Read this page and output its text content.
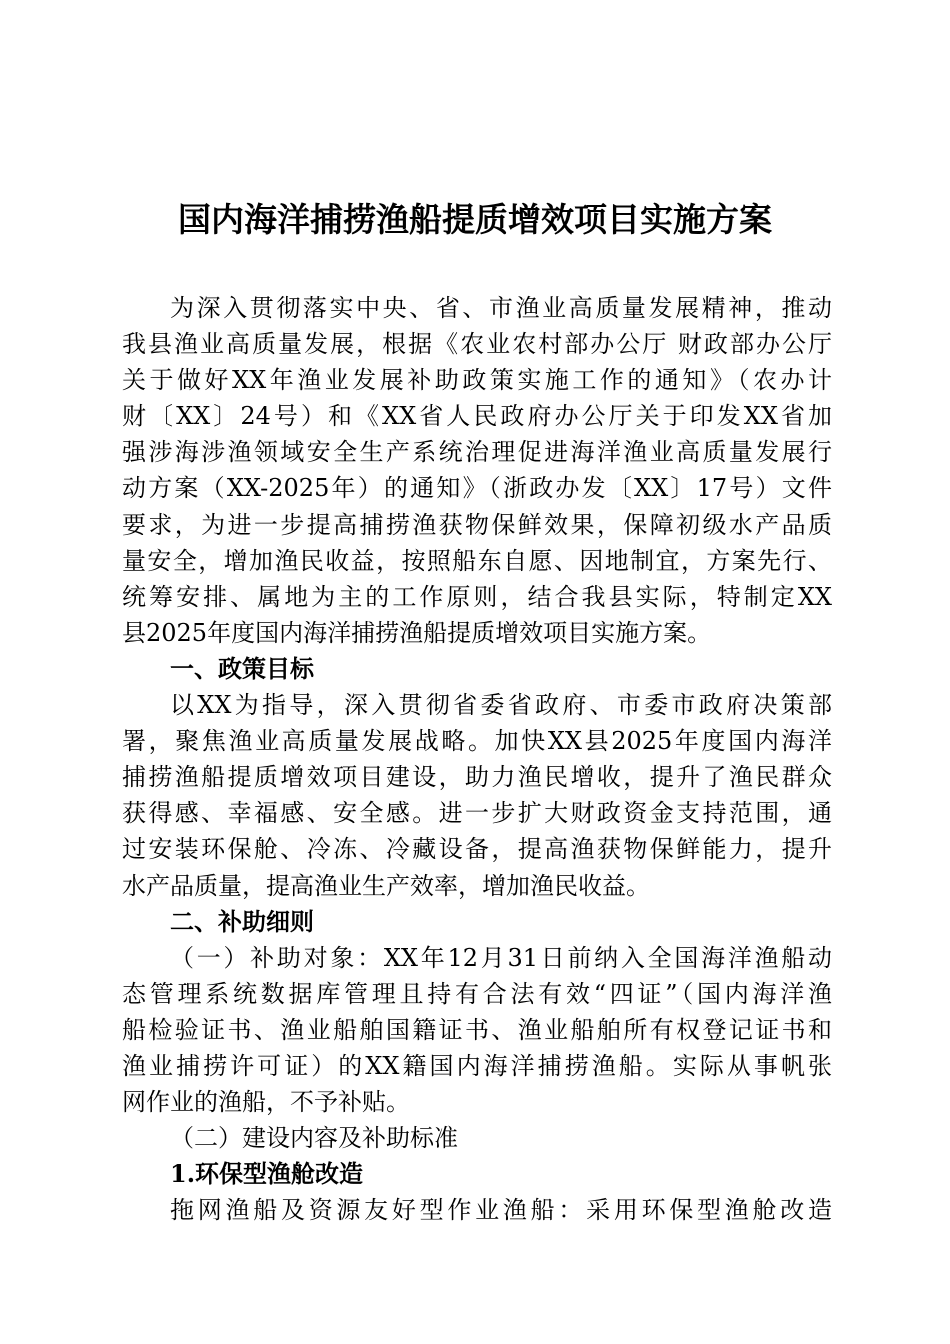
国内海洋捕捞渔船提质增效项目实施方案
为深入贯彻落实中央、省、市渔业高质量发展精神，推动
我县渔业高质量发展，根据《农业农村部办公厅 财政部办公厅
关于做好XX年渔业发展补助政策实施工作的通知》（农办计
财〔XX〕24号）和《XX省人民政府办公厅关于印发XX省加
强涉海涉渔领域安全生产系统治理促进海洋渔业高质量发展行
动方案（XX-2025年）的通知》（浙政办发〔XX〕17号）文件
要求，为进一步提高捕捞渔获物保鲜效果，保障初级水产品质
量安全，增加渔民收益，按照船东自愿、因地制宜，方案先行、
统筹安排、属地为主的工作原则，结合我县实际，特制定XX
县2025年度国内海洋捕捞渔船提质增效项目实施方案。
一、政策目标
以XX为指导，深入贯彻省委省政府、市委市政府决策部
署，聚焦渔业高质量发展战略。加快XX县2025年度国内海洋
捕捞渔船提质增效项目建设，助力渔民增收，提升了渔民群众
获得感、幸福感、安全感。进一步扩大财政资金支持范围，通
过安装环保舱、冷冻、冷藏设备，提高渔获物保鲜能力，提升
水产品质量，提高渔业生产效率，增加渔民收益。
二、补助细则
（一）补助对象：XX年12月31日前纳入全国海洋渔船动
态管理系统数据库管理且持有合法有效“四证”（国内海洋渔
船检验证书、渔业船舶国籍证书、渔业船舶所有权登记证书和
渔业捕捞许可证）的XX籍国内海洋捕捞渔船。实际从事帆张
网作业的渔船，不予补贴。
（二）建设内容及补助标准
1.环保型渔舱改造
拖网渔船及资源友好型作业渔船：采用环保型渔舱改造
